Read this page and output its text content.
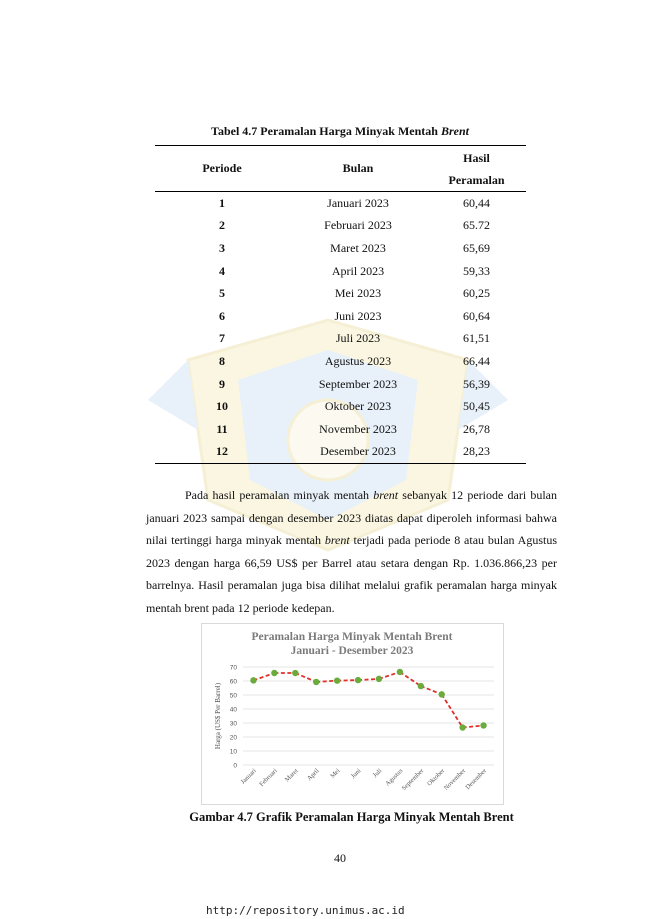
Tabel 4.7 Peramalan Harga Minyak Mentah Brent
Periode	Bulan	Hasil
Peramalan

1	Januari 2023	60,44
2	Februari 2023	65.72
3	Maret 2023	65,69
4	April 2023	59,33
5	Mei 2023	60,25
6	Juni 2023	60,64
7	Juli 2023	61,51
8	Agustus 2023	66,44
9	September 2023	56,39
10	Oktober 2023	50,45
11	November 2023	26,78
12	Desember 2023	28,23

Pada hasil peramalan minyak mentah brent sebanyak 12 periode dari bulan januari 2023 sampai dengan desember 2023 diatas dapat diperoleh informasi bahwa nilai tertinggi harga minyak mentah brent terjadi pada periode 8 atau bulan Agustus 2023 dengan harga 66,59 US$ per Barrel atau setara dengan Rp. 1.036.866,23 per barrelnya. Hasil peramalan juga bisa dilihat melalui grafik peramalan harga minyak mentah brent pada 12 periode kedepan.

Peramalan Harga Minyak Mentah Brent
Januari - Desember 2023
Harga (US$ Per Barrel)
0
10
20
30
40
50
60
70
Januari Februari Maret April Mei Juni Juli Agustus
September Oktober
November
Desember
Gambar 4.7 Grafik Peramalan Harga Minyak Mentah Brent
40
http://repository.unimus.ac.id
